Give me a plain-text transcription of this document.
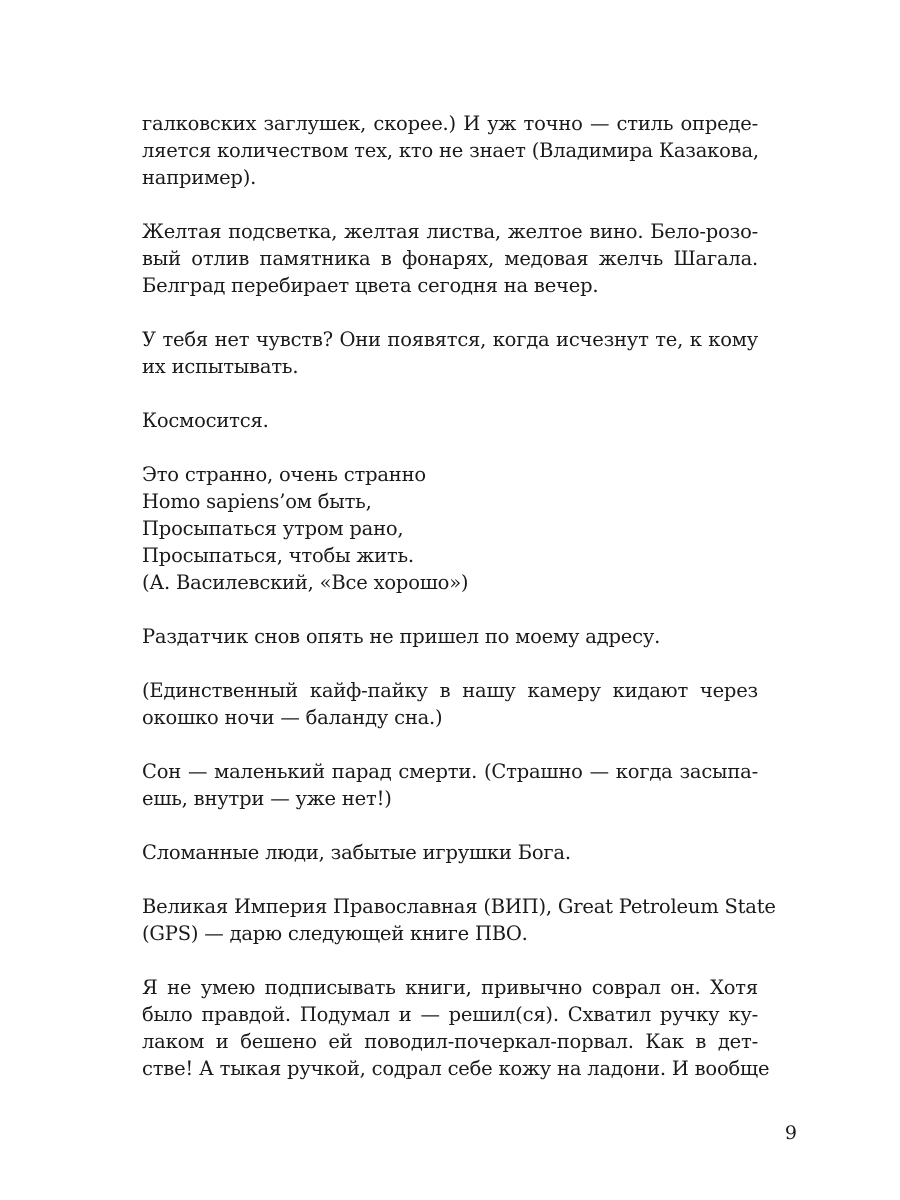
галковских заглушек, скорее.) И уж точно — стиль опреде-
ляется количеством тех, кто не знает (Владимира Казакова,
например).
Желтая подсветка, желтая листва, желтое вино. Бело-розо-
вый отлив памятника в фонарях, медовая желчь Шагала.
Белград перебирает цвета сегодня на вечер.
У тебя нет чувств? Они появятся, когда исчезнут те, к кому
их испытывать.
Космосится.
Это странно, очень странно
Homo sapiens’ом быть,
Просыпаться утром рано,
Просыпаться, чтобы жить.
(А. Василевский, «Все хорошо»)
Раздатчик снов опять не пришел по моему адресу.
(Единственный кайф-пайку в нашу камеру кидают через
окошко ночи — баланду сна.)
Сон — маленький парад смерти. (Страшно — когда засыпа-
ешь, внутри — уже нет!)
Сломанные люди, забытые игрушки Бога.
Великая Империя Православная (ВИП), Great Petroleum State
(GPS) — дарю следующей книге ПВО.
Я не умею подписывать книги, привычно соврал он. Хотя
было правдой. Подумал и — решил(ся). Схватил ручку ку-
лаком и бешено ей поводил-почеркал-порвал. Как в дет-
стве! А тыкая ручкой, содрал себе кожу на ладони. И вообще
9
